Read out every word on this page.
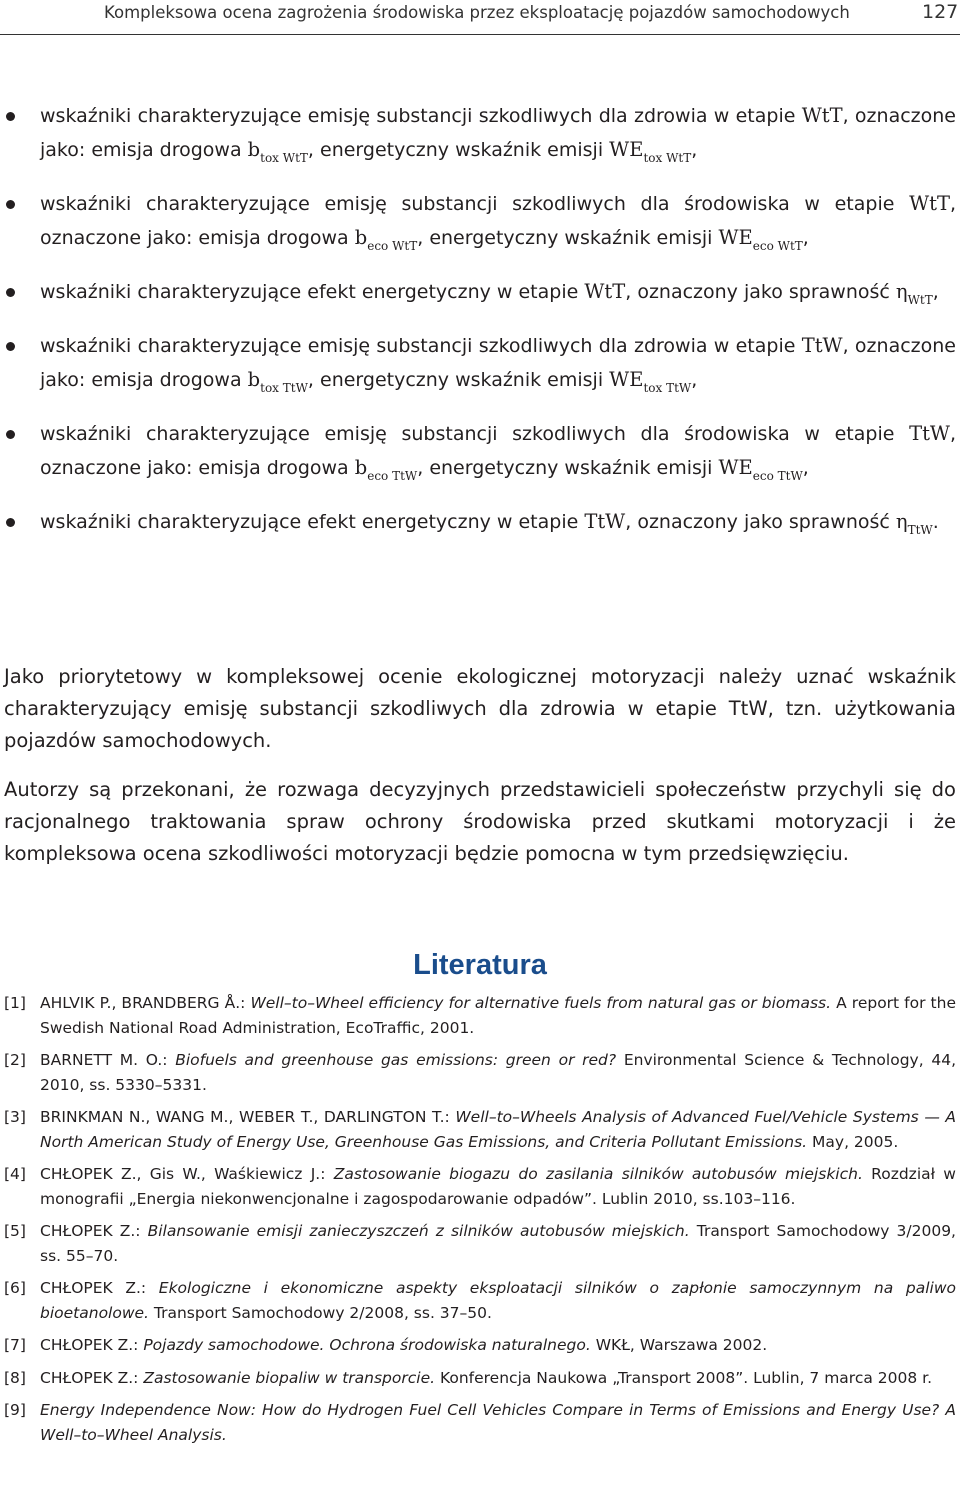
Kompleksowa ocena zagrożenia środowiska przez eksploatację pojazdów samochodowych	127
wskaźniki charakteryzujące emisję substancji szkodliwych dla zdrowia w etapie WtT, oznaczone jako: emisja drogowa $b_{tox WtT}$, energetyczny wskaźnik emisji $WE_{tox WtT}$,
wskaźniki charakteryzujące emisję substancji szkodliwych dla środowiska w etapie WtT, oznaczone jako: emisja drogowa $b_{eco WtT}$, energetyczny wskaźnik emisji $WE_{eco WtT}$,
wskaźniki charakteryzujące efekt energetyczny w etapie WtT, oznaczony jako sprawność $\eta_{WtT}$,
wskaźniki charakteryzujące emisję substancji szkodliwych dla zdrowia w etapie TtW, oznaczone jako: emisja drogowa $b_{tox TtW}$, energetyczny wskaźnik emisji $WE_{tox TtW}$,
wskaźniki charakteryzujące emisję substancji szkodliwych dla środowiska w etapie TtW, oznaczone jako: emisja drogowa $b_{eco TtW}$, energetyczny wskaźnik emisji $WE_{eco TtW}$,
wskaźniki charakteryzujące efekt energetyczny w etapie TtW, oznaczony jako sprawność $\eta_{TtW}$.

Jako priorytetowy w kompleksowej ocenie ekologicznej motoryzacji należy uznać wskaźnik charakteryzujący emisję substancji szkodliwych dla zdrowia w etapie TtW, tzn. użytkowania pojazdów samochodowych.

Autorzy są przekonani, że rozwaga decyzyjnych przedstawicieli społeczeństw przychyli się do racjonalnego traktowania spraw ochrony środowiska przed skutkami motoryzacji i że kompleksowa ocena szkodliwości motoryzacji będzie pomocna w tym przedsięwzięciu.

Literatura
[1] AHLVIK P., BRANDBERG Å.: Well–to–Wheel efficiency for alternative fuels from natural gas or biomass. A report for the Swedish National Road Administration, EcoTraffic, 2001.
[2] BARNETT M. O.: Biofuels and greenhouse gas emissions: green or red? Environmental Science & Technology, 44, 2010, ss. 5330–5331.
[3] BRINKMAN N., WANG M., WEBER T., DARLINGTON T.: Well–to–Wheels Analysis of Advanced Fuel/Vehicle Systems — A North American Study of Energy Use, Greenhouse Gas Emissions, and Criteria Pollutant Emissions. May, 2005.
[4] CHŁOPEK Z., Gis W., Waśkiewicz J.: Zastosowanie biogazu do zasilania silników autobusów miejskich. Rozdział w monografii „Energia niekonwencjonalne i zagospodarowanie odpadów”. Lublin 2010, ss.103–116.
[5] CHŁOPEK Z.: Bilansowanie emisji zanieczyszczeń z silników autobusów miejskich. Transport Samochodowy 3/2009, ss. 55–70.
[6] CHŁOPEK Z.: Ekologiczne i ekonomiczne aspekty eksploatacji silników o zapłonie samoczynnym na paliwo bioetanolowe. Transport Samochodowy 2/2008, ss. 37–50.
[7] CHŁOPEK Z.: Pojazdy samochodowe. Ochrona środowiska naturalnego. WKŁ, Warszawa 2002.
[8] CHŁOPEK Z.: Zastosowanie biopaliw w transporcie. Konferencja Naukowa „Transport 2008”. Lublin, 7 marca 2008 r.
[9] Energy Independence Now: How do Hydrogen Fuel Cell Vehicles Compare in Terms of Emissions and Energy Use? A Well–to–Wheel Analysis.
